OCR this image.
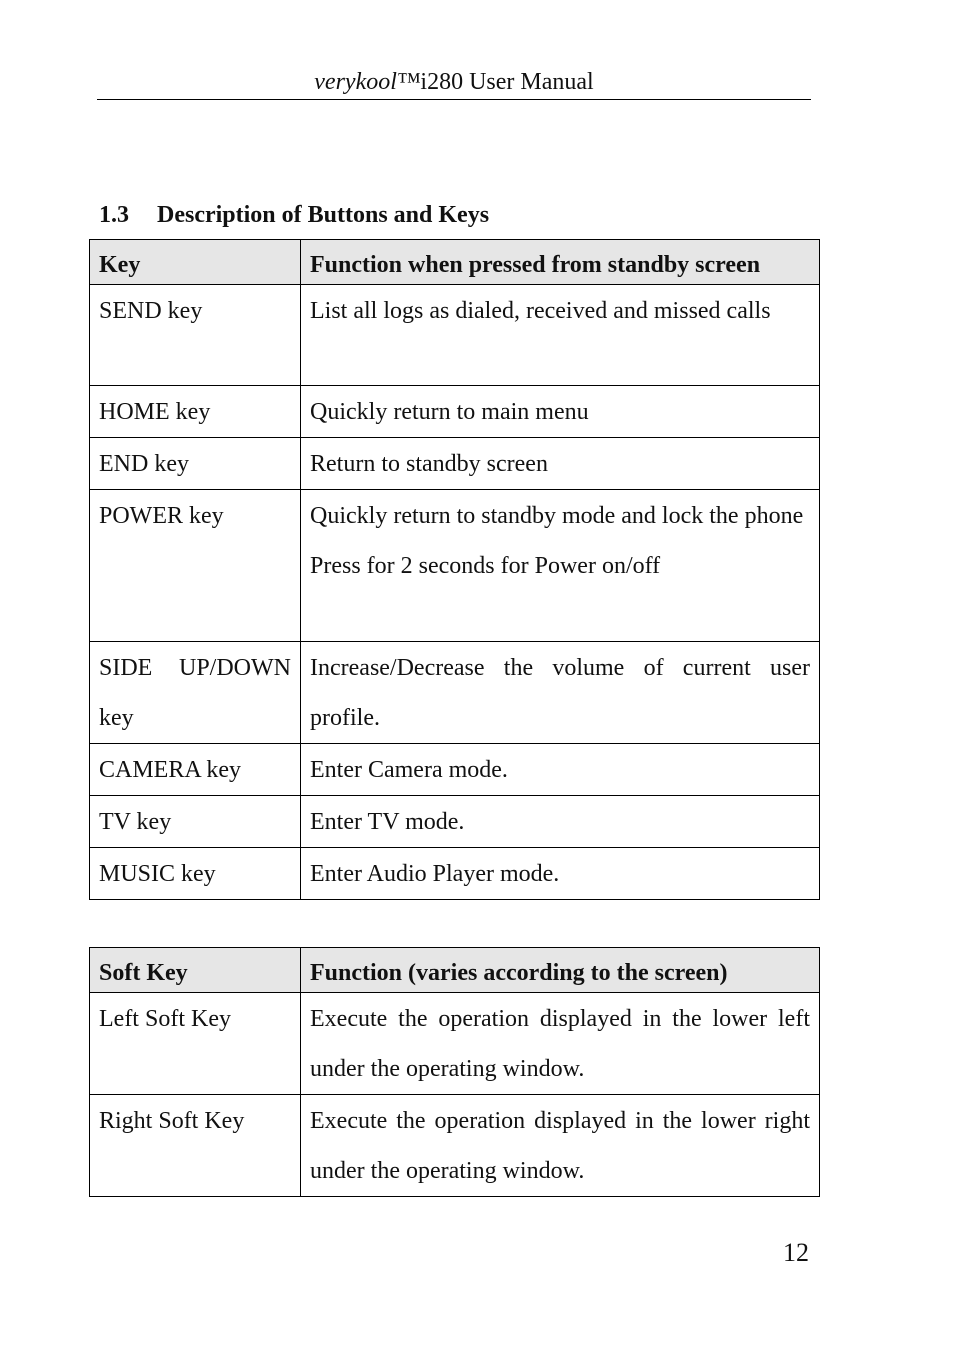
verykool™i280 User Manual
1.3 Description of Buttons and Keys
Key	Function when pressed from standby screen

SEND key	List all logs as dialed, received and missed calls

HOME key	Quickly return to main menu

END key	Return to standby screen

POWER key	Quickly return to standby mode and lock the phone
Press for 2 seconds for Power on/off

SIDE UP/DOWN key	Increase/Decrease the volume of current user profile.

CAMERA key	Enter Camera mode.

TV key	Enter TV mode.

MUSIC key	Enter Audio Player mode.
Soft Key	Function (varies according to the screen)

Left Soft Key	Execute the operation displayed in the lower left under the operating window.

Right Soft Key	Execute the operation displayed in the lower right under the operating window.
12
